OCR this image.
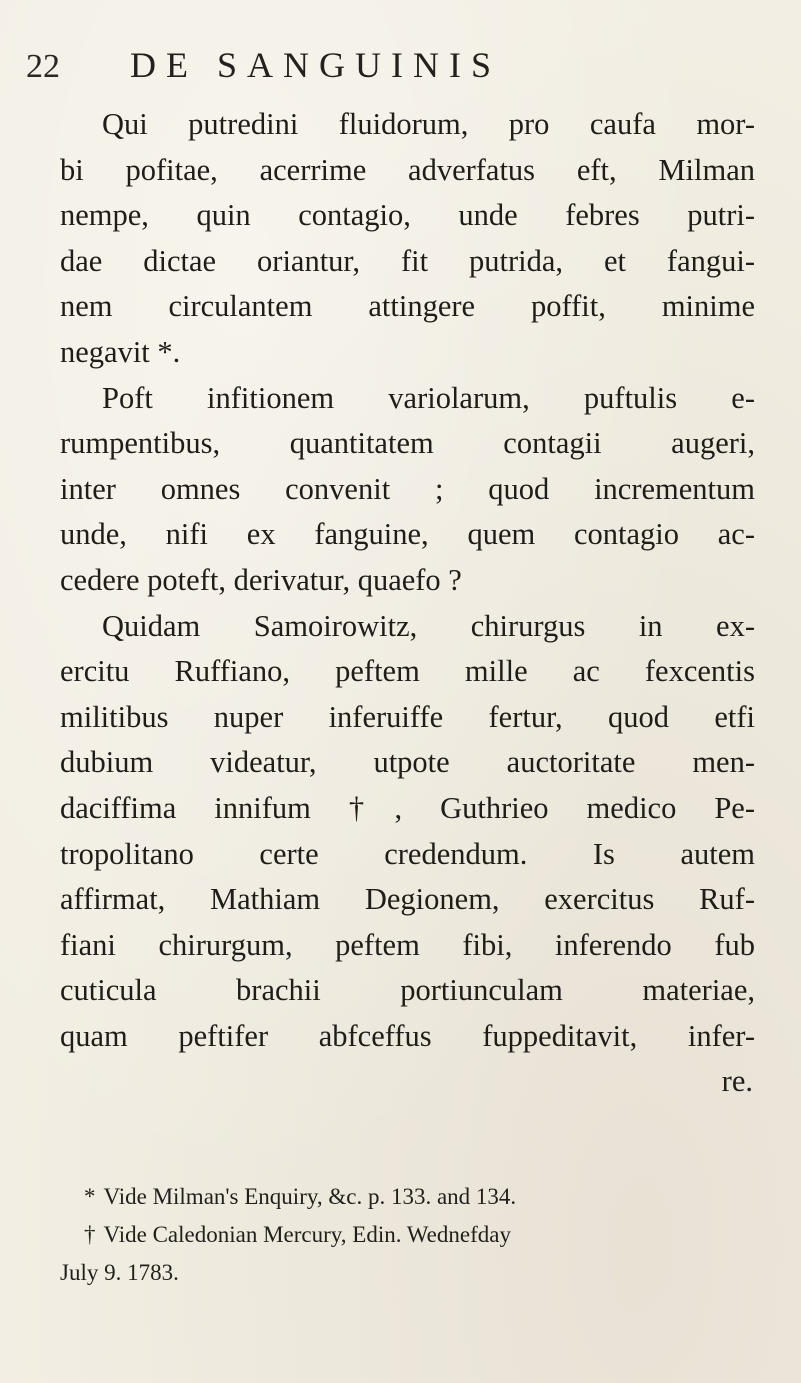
22	DE SANGUINIS
Qui putredini fluidorum, pro caufa mor-
bi pofitae, acerrime adverfatus eft, Milman
nempe, quin contagio, unde febres putri-
dae dictae oriantur, fit putrida, et fangui-
nem circulantem attingere poffit, minime
negavit *.
Poft infitionem variolarum, puftulis e-
rumpentibus, quantitatem contagii augeri,
inter omnes convenit ; quod incrementum
unde, nifi ex fanguine, quem contagio ac-
cedere poteft, derivatur, quaefo ?
Quidam Samoirowitz, chirurgus in ex-
ercitu Ruffiano, peftem mille ac fexcentis
militibus nuper inferuiffe fertur, quod etfi
dubium videatur, utpote auctoritate men-
daciffima innifum †, Guthrieo medico Pe-
tropolitano certe credendum. Is autem
affirmat, Mathiam Degionem, exercitus Ruf-
fiani chirurgum, peftem fibi, inferendo fub
cuticula brachii portiunculam materiae,
quam peftifer abfceffus fuppeditavit, infer-
re.
* Vide Milman's Enquiry, &c. p. 133. and 134.
† Vide Caledonian Mercury, Edin. Wednefday
July 9. 1783.
